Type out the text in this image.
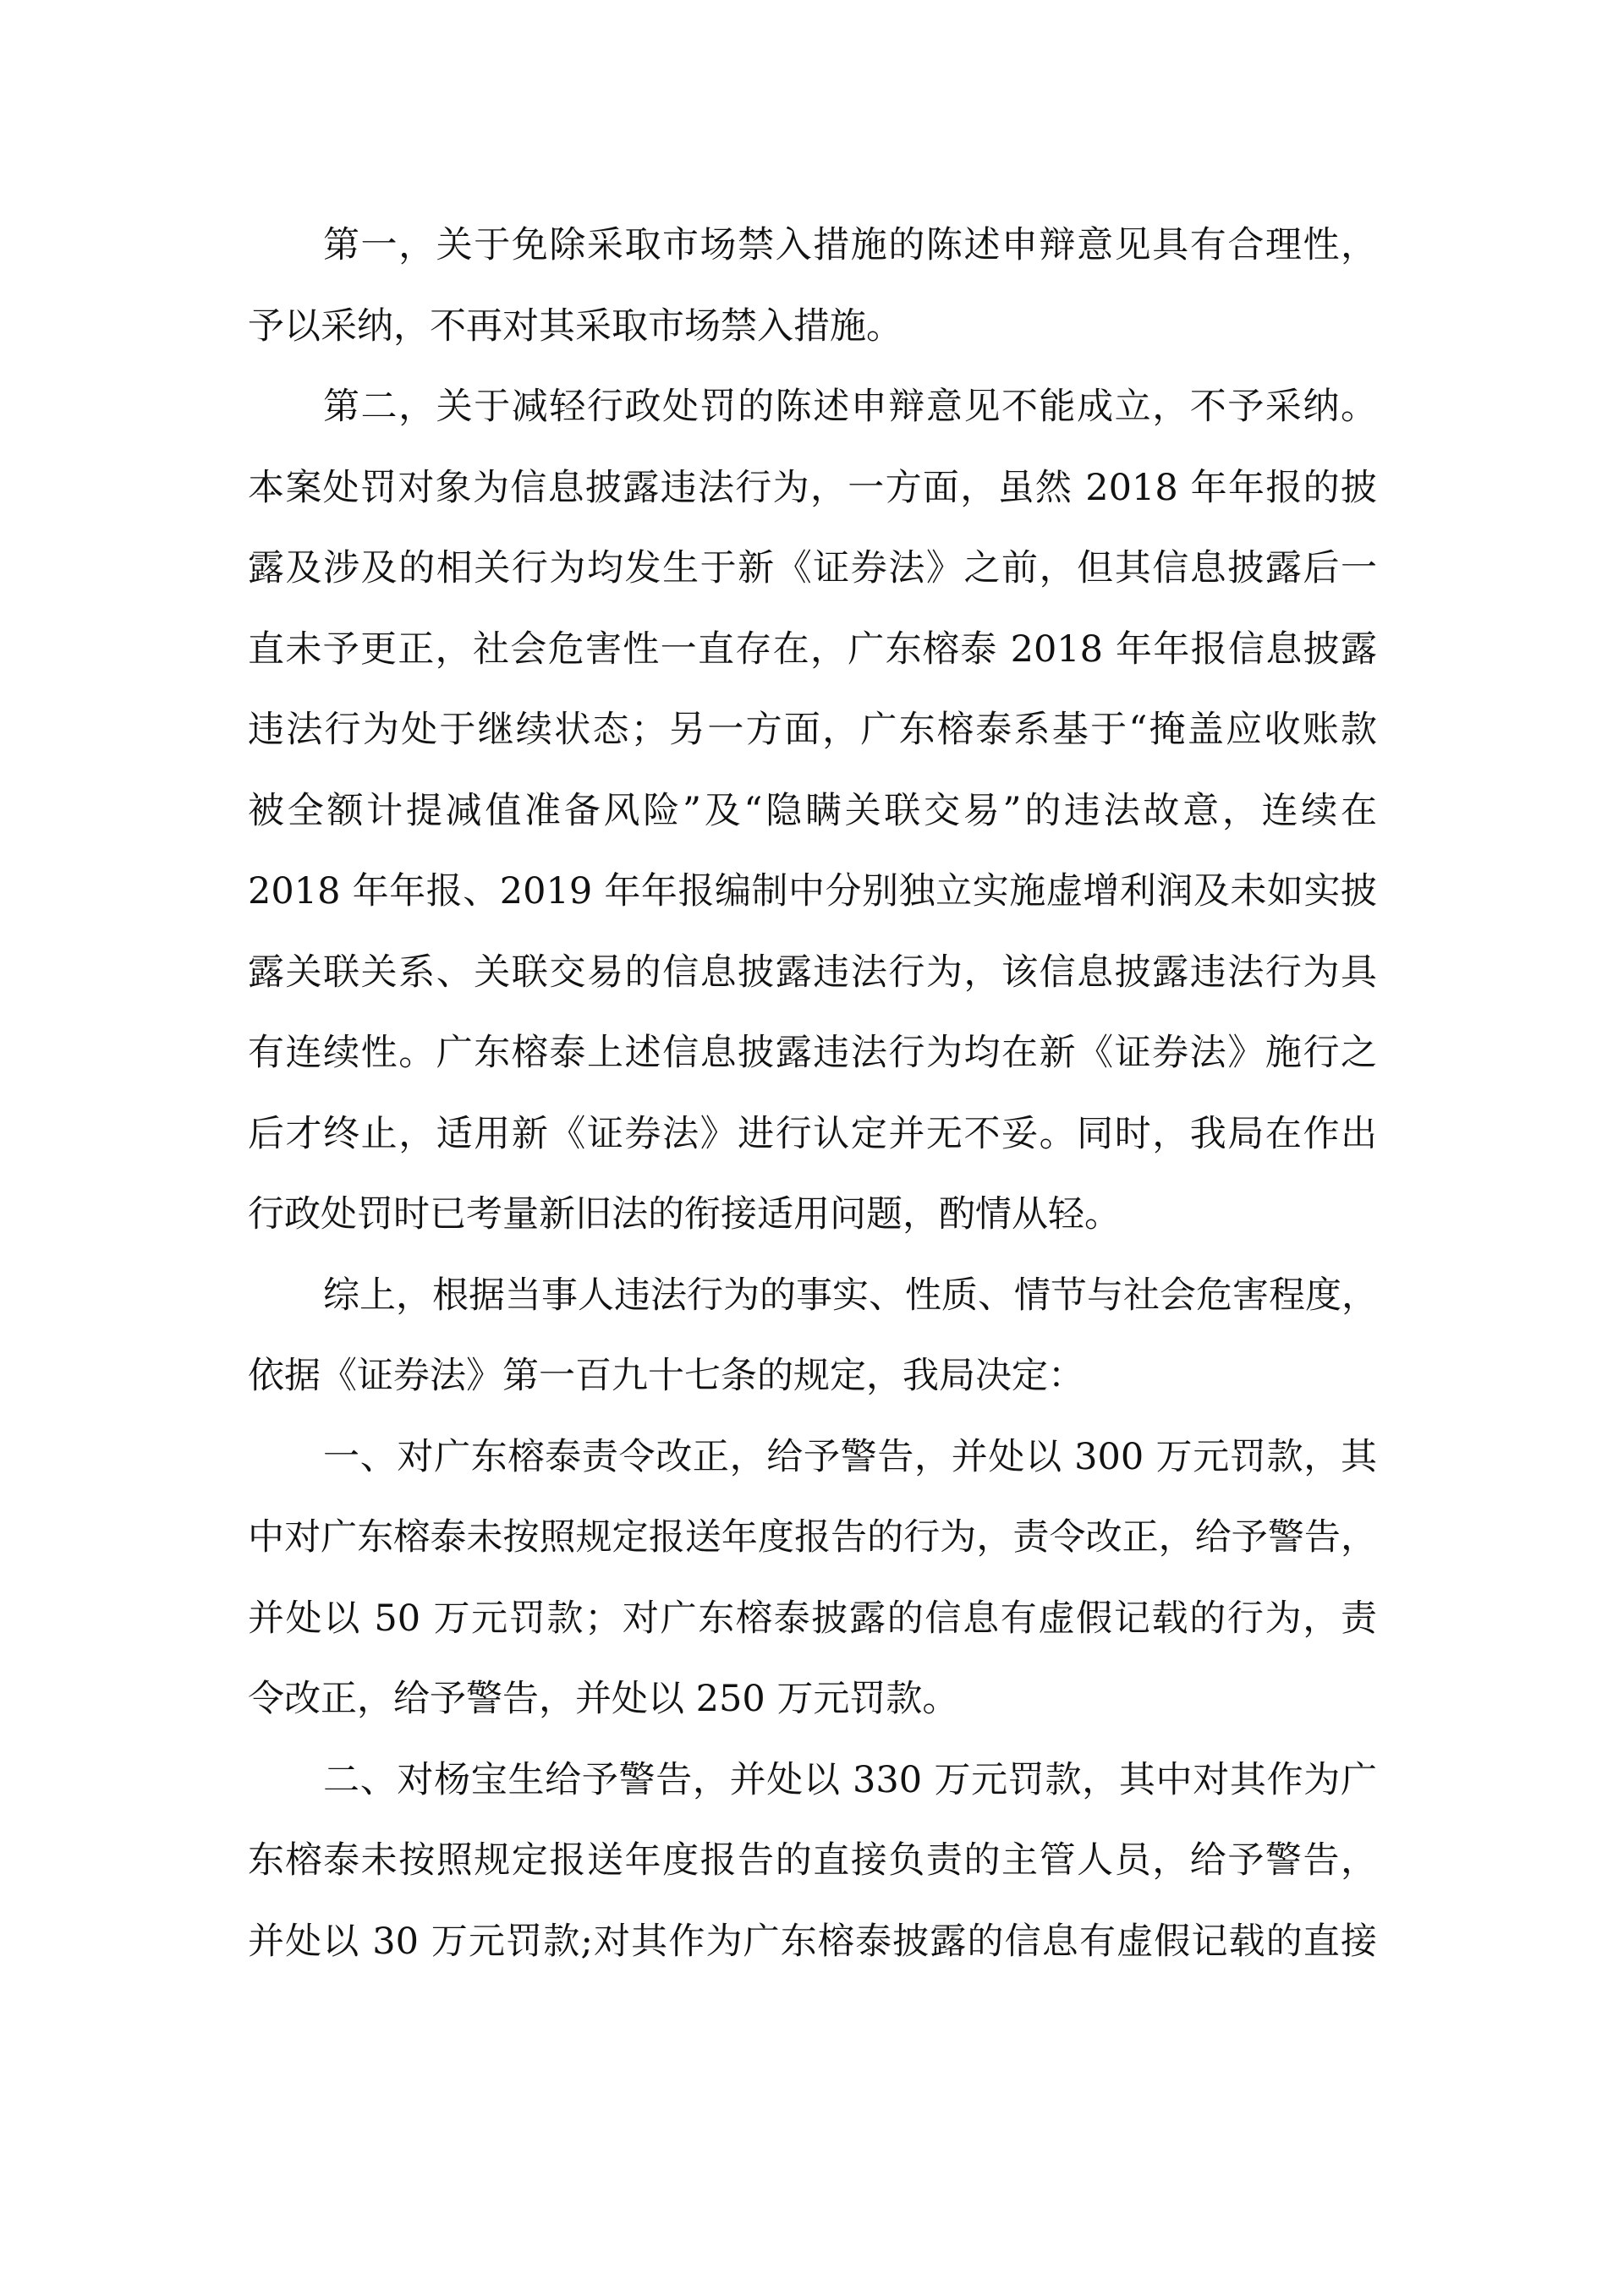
第一，关于免除采取市场禁入措施的陈述申辩意见具有合理性，
予以采纳，不再对其采取市场禁入措施。
第二，关于减轻行政处罚的陈述申辩意见不能成立，不予采纳。
本案处罚对象为信息披露违法行为，一方面，虽然 2018 年年报的披
露及涉及的相关行为均发生于新《证券法》之前，但其信息披露后一
直未予更正，社会危害性一直存在，广东榕泰 2018 年年报信息披露
违法行为处于继续状态；另一方面，广东榕泰系基于“掩盖应收账款
被全额计提减值准备风险”及“隐瞒关联交易”的违法故意，连续在
2018 年年报、2019 年年报编制中分别独立实施虚增利润及未如实披
露关联关系、关联交易的信息披露违法行为，该信息披露违法行为具
有连续性。广东榕泰上述信息披露违法行为均在新《证券法》施行之
后才终止，适用新《证券法》进行认定并无不妥。同时，我局在作出
行政处罚时已考量新旧法的衔接适用问题，酌情从轻。
综上，根据当事人违法行为的事实、性质、情节与社会危害程度，
依据《证券法》第一百九十七条的规定，我局决定：
一、对广东榕泰责令改正，给予警告，并处以 300 万元罚款，其
中对广东榕泰未按照规定报送年度报告的行为，责令改正，给予警告，
并处以 50 万元罚款；对广东榕泰披露的信息有虚假记载的行为，责
令改正，给予警告，并处以 250 万元罚款。
二、对杨宝生给予警告，并处以 330 万元罚款，其中对其作为广
东榕泰未按照规定报送年度报告的直接负责的主管人员，给予警告，
并处以 30 万元罚款;对其作为广东榕泰披露的信息有虚假记载的直接
